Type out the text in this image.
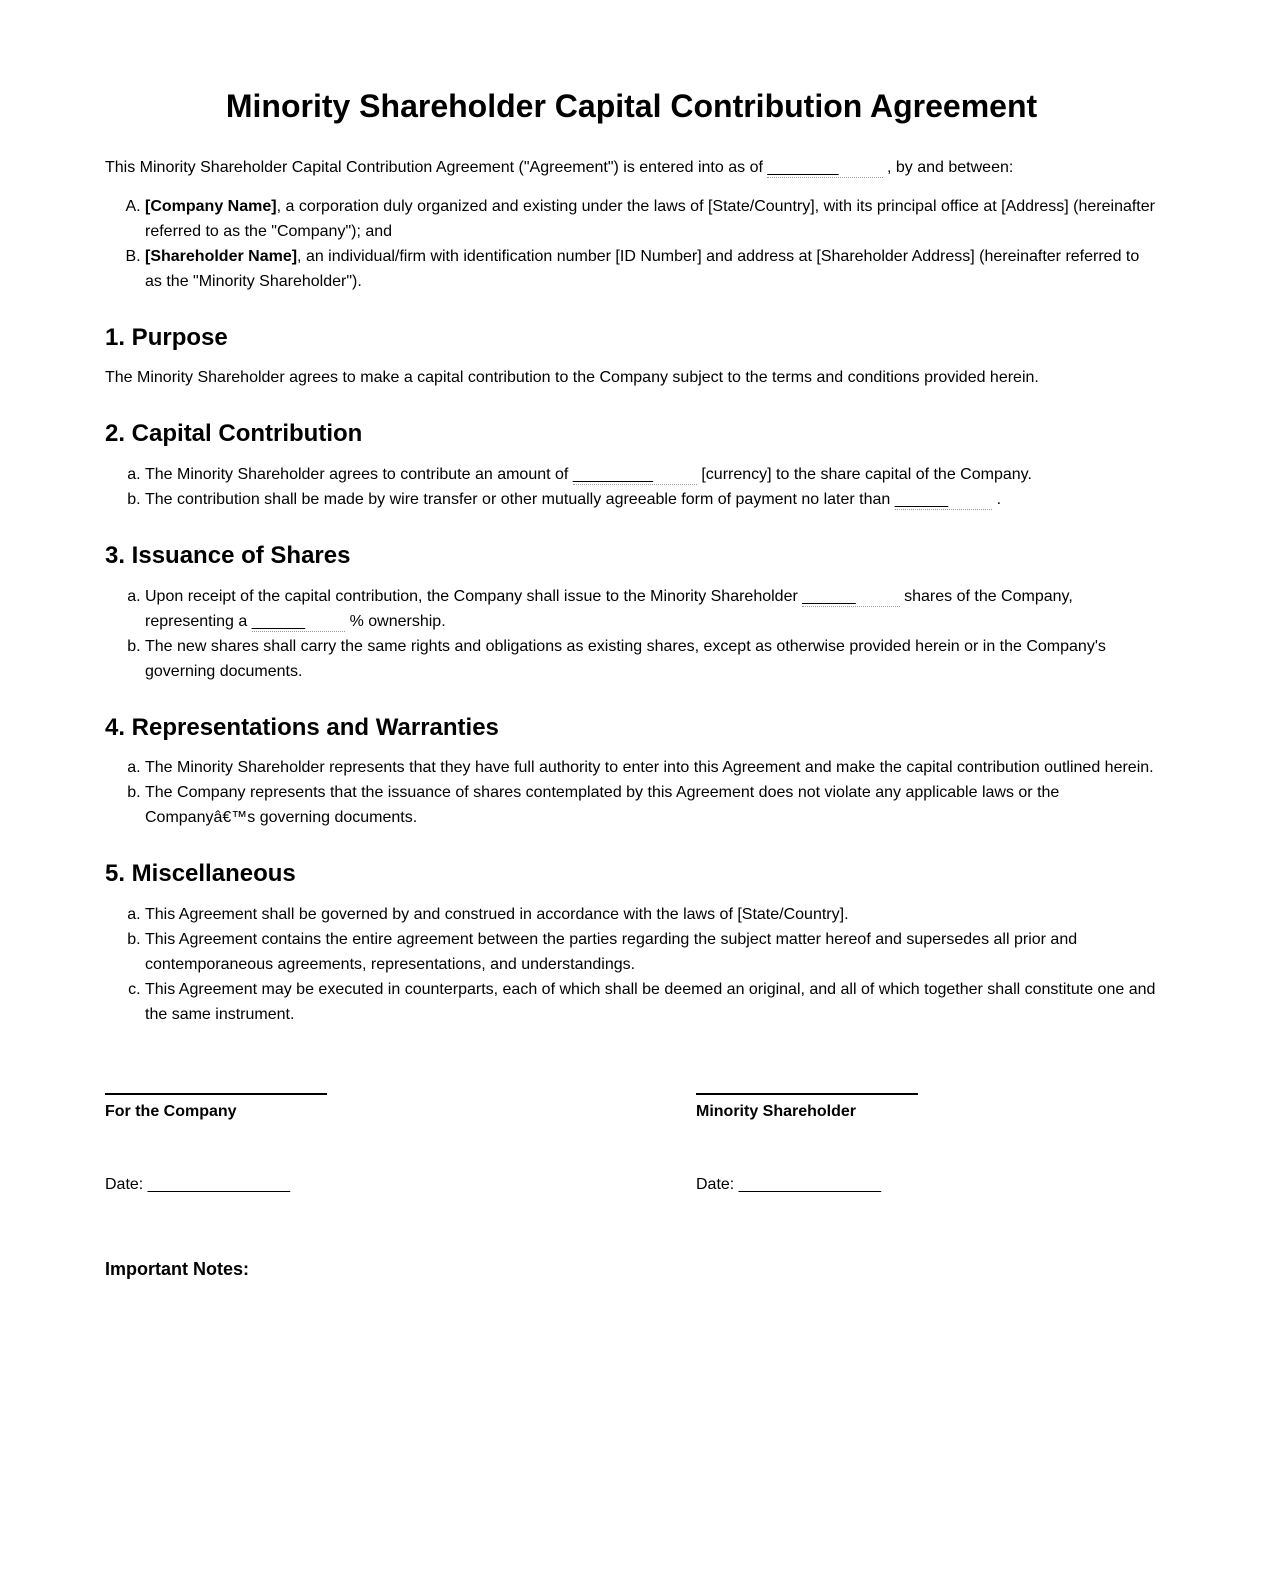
Minority Shareholder Capital Contribution Agreement

This Minority Shareholder Capital Contribution Agreement ("Agreement") is entered into as of ________	, by and between:

A. [Company Name], a corporation duly organized and existing under the laws of [State/Country], with its principal office at [Address] (hereinafter referred to as the "Company"); and
B. [Shareholder Name], an individual/firm with identification number [ID Number] and address at [Shareholder Address] (hereinafter referred to as the "Minority Shareholder").
1. Purpose

The Minority Shareholder agrees to make a capital contribution to the Company subject to the terms and conditions provided herein.

2. Capital Contribution
a. The Minority Shareholder agrees to contribute an amount of _________	[currency] to the share capital of the Company.
b. The contribution shall be made by wire transfer or other mutually agreeable form of payment no later than ______	.
3. Issuance of Shares
a. Upon receipt of the capital contribution, the Company shall issue to the Minority Shareholder ______	shares of the Company, representing a ______	% ownership.
b. The new shares shall carry the same rights and obligations as existing shares, except as otherwise provided herein or in the Company's governing documents.
4. Representations and Warranties
a. The Minority Shareholder represents that they have full authority to enter into this Agreement and make the capital contribution outlined herein.
b. The Company represents that the issuance of shares contemplated by this Agreement does not violate any applicable laws or the Companyâ€™s governing documents.
5. Miscellaneous
a. This Agreement shall be governed by and construed in accordance with the laws of [State/Country].
b. This Agreement contains the entire agreement between the parties regarding the subject matter hereof and supersedes all prior and contemporaneous agreements, representations, and understandings.
c. This Agreement may be executed in counterparts, each of which shall be deemed an original, and all of which together shall constitute one and the same instrument.
For the Company
Date: ________________
Minority Shareholder
Date: ________________
Important Notes:
